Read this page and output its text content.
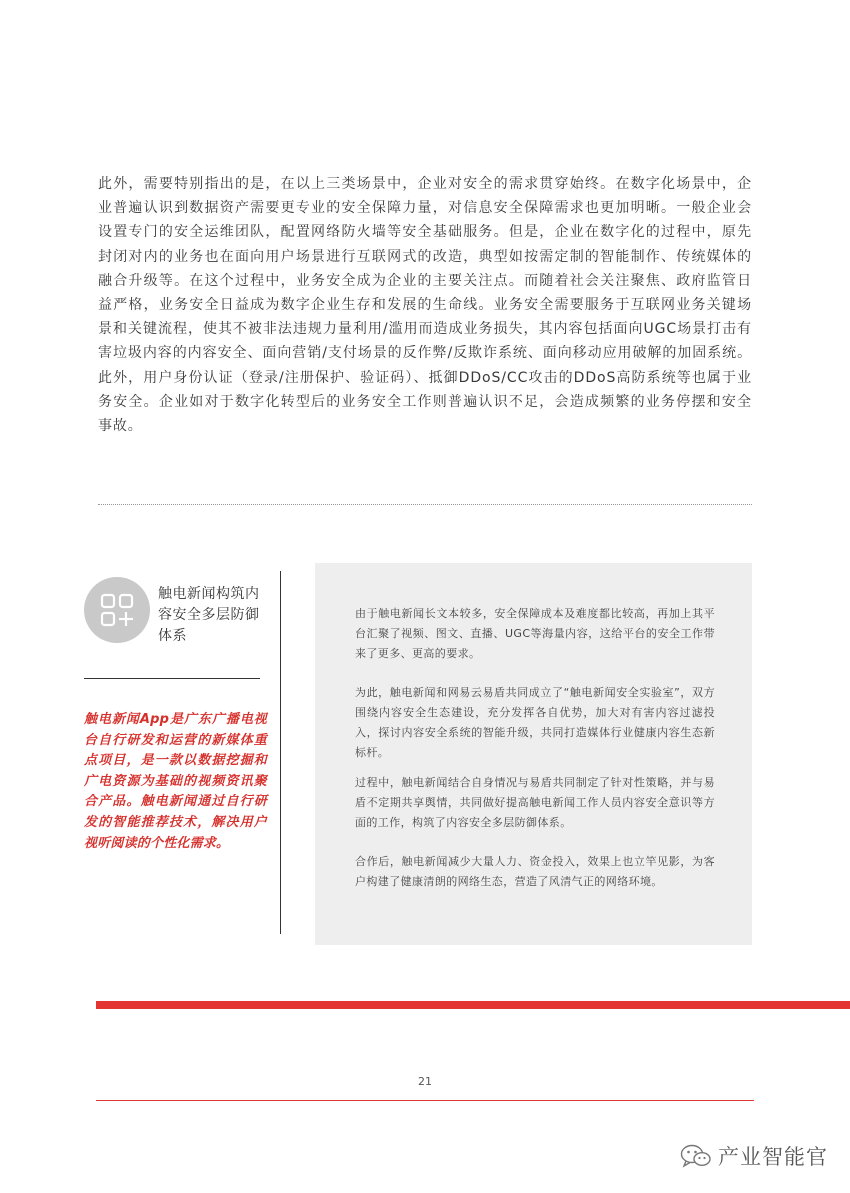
此外，需要特别指出的是，在以上三类场景中，企业对安全的需求贯穿始终。在数字化场景中，企业普遍认识到数据资产需要更专业的安全保障力量，对信息安全保障需求也更加明晰。一般企业会设置专门的安全运维团队，配置网络防火墙等安全基础服务。但是，企业在数字化的过程中，原先封闭对内的业务也在面向用户场景进行互联网式的改造，典型如按需定制的智能制作、传统媒体的融合升级等。在这个过程中，业务安全成为企业的主要关注点。而随着社会关注聚焦、政府监管日益严格，业务安全日益成为数字企业生存和发展的生命线。业务安全需要服务于互联网业务关键场景和关键流程，使其不被非法违规力量利用/滥用而造成业务损失，其内容包括面向UGC场景打击有害垃圾内容的内容安全、面向营销/支付场景的反作弊/反欺诈系统、面向移动应用破解的加固系统。此外，用户身份认证（登录/注册保护、验证码）、抵御DDoS/CC攻击的DDoS高防系统等也属于业务安全。企业如对于数字化转型后的业务安全工作则普遍认识不足，会造成频繁的业务停摆和安全事故。

触电新闻构筑内容安全多层防御体系
触电新闻App是广东广播电视台自行研发和运营的新媒体重点项目，是一款以数据挖掘和广电资源为基础的视频资讯聚合产品。触电新闻通过自行研发的智能推荐技术，解决用户视听阅读的个性化需求。

由于触电新闻长文本较多，安全保障成本及难度都比较高，再加上其平台汇聚了视频、图文、直播、UGC等海量内容，这给平台的安全工作带来了更多、更高的要求。

为此，触电新闻和网易云易盾共同成立了“触电新闻安全实验室”，双方围绕内容安全生态建设，充分发挥各自优势，加大对有害内容过滤投入，探讨内容安全系统的智能升级，共同打造媒体行业健康内容生态新标杆。

过程中，触电新闻结合自身情况与易盾共同制定了针对性策略，并与易盾不定期共享舆情，共同做好提高触电新闻工作人员内容安全意识等方面的工作，构筑了内容安全多层防御体系。

合作后，触电新闻减少大量人力、资金投入，效果上也立竿见影，为客户构建了健康清朗的网络生态，营造了风清气正的网络环境。

21
产业智能官
